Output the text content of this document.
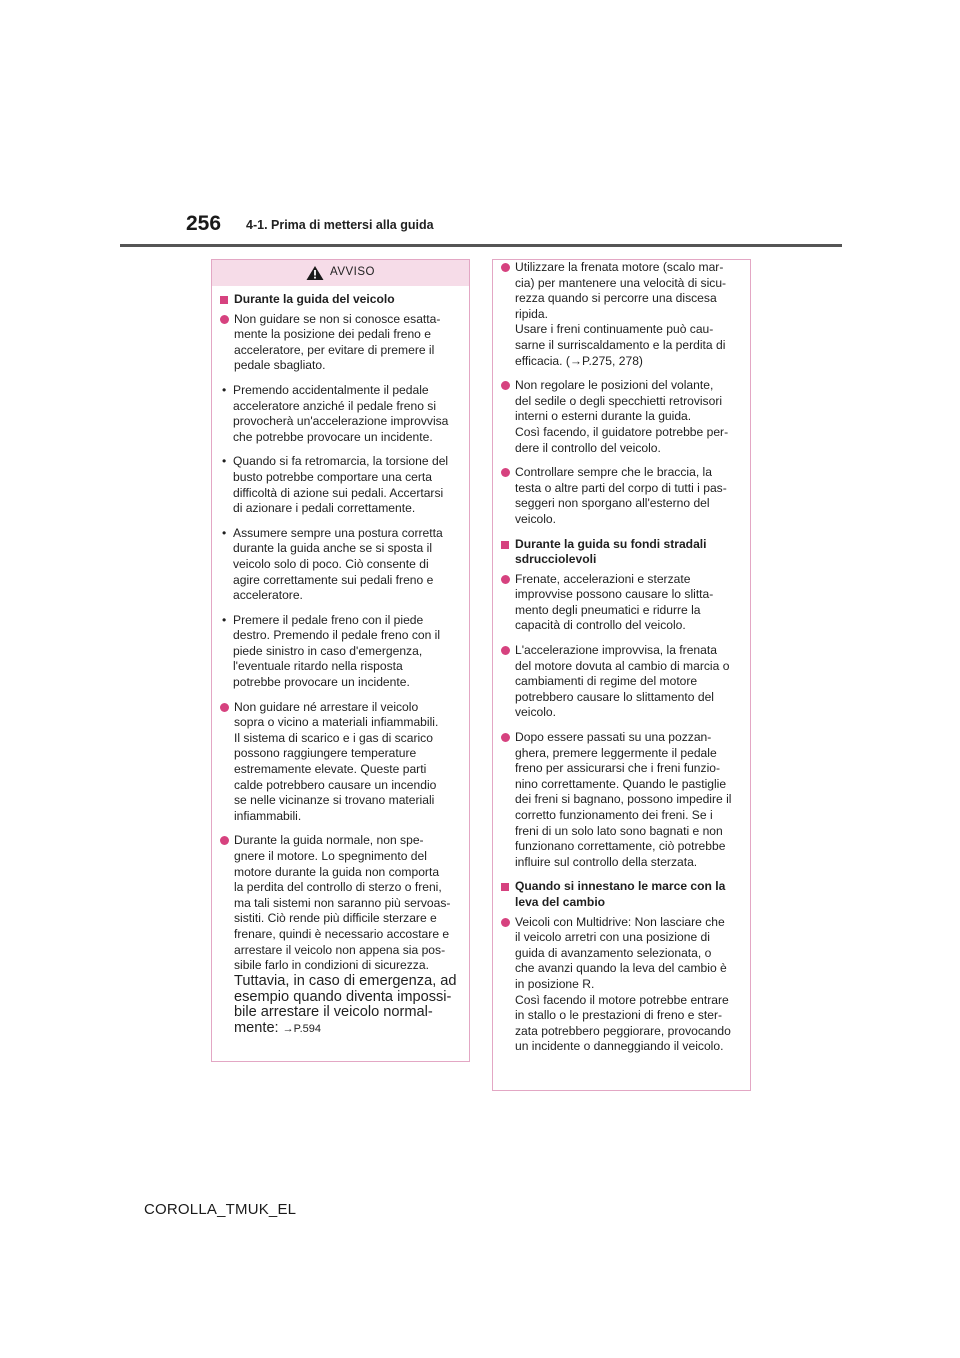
256 4-1. Prima di mettersi alla guida
AVVISO
Durante la guida del veicolo
Non guidare se non si conosce esatta-
mente la posizione dei pedali freno e
acceleratore, per evitare di premere il
pedale sbagliato.
• Premendo accidentalmente il pedale
acceleratore anziché il pedale freno si
provocherà un'accelerazione improvvisa
che potrebbe provocare un incidente.
• Quando si fa retromarcia, la torsione del
busto potrebbe comportare una certa
difficoltà di azione sui pedali. Accertarsi
di azionare i pedali correttamente.
• Assumere sempre una postura corretta
durante la guida anche se si sposta il
veicolo solo di poco. Ciò consente di
agire correttamente sui pedali freno e
acceleratore.
• Premere il pedale freno con il piede
destro. Premendo il pedale freno con il
piede sinistro in caso d'emergenza,
l'eventuale ritardo nella risposta
potrebbe provocare un incidente.
Non guidare né arrestare il veicolo
sopra o vicino a materiali infiammabili.
Il sistema di scarico e i gas di scarico
possono raggiungere temperature
estremamente elevate. Queste parti
calde potrebbero causare un incendio
se nelle vicinanze si trovano materiali
infiammabili.
Durante la guida normale, non spe-
gnere il motore. Lo spegnimento del
motore durante la guida non comporta
la perdita del controllo di sterzo o freni,
ma tali sistemi non saranno più servoas-
sistiti. Ciò rende più difficile sterzare e
frenare, quindi è necessario accostare e
arrestare il veicolo non appena sia pos-
sibile farlo in condizioni di sicurezza.
Tuttavia, in caso di emergenza, ad
esempio quando diventa impossi-
bile arrestare il veicolo normal-
mente: →P.594
Utilizzare la frenata motore (scalo mar-
cia) per mantenere una velocità di sicu-
rezza quando si percorre una discesa
ripida.
Usare i freni continuamente può cau-
sarne il surriscaldamento e la perdita di
efficacia. (→P.275, 278)
Non regolare le posizioni del volante,
del sedile o degli specchietti retrovisori
interni o esterni durante la guida.
Così facendo, il guidatore potrebbe per-
dere il controllo del veicolo.
Controllare sempre che le braccia, la
testa o altre parti del corpo di tutti i pas-
seggeri non sporgano all'esterno del
veicolo.
Durante la guida su fondi stradali
sdrucciolevoli
Frenate, accelerazioni e sterzate
improvvise possono causare lo slitta-
mento degli pneumatici e ridurre la
capacità di controllo del veicolo.
L'accelerazione improvvisa, la frenata
del motore dovuta al cambio di marcia o
cambiamenti di regime del motore
potrebbero causare lo slittamento del
veicolo.
Dopo essere passati su una pozzan-
ghera, premere leggermente il pedale
freno per assicurarsi che i freni funzio-
nino correttamente. Quando le pastiglie
dei freni si bagnano, possono impedire il
corretto funzionamento dei freni. Se i
freni di un solo lato sono bagnati e non
funzionano correttamente, ciò potrebbe
influire sul controllo della sterzata.
Quando si innestano le marce con la
leva del cambio
Veicoli con Multidrive: Non lasciare che
il veicolo arretri con una posizione di
guida di avanzamento selezionata, o
che avanzi quando la leva del cambio è
in posizione R.
Così facendo il motore potrebbe entrare
in stallo o le prestazioni di freno e ster-
zata potrebbero peggiorare, provocando
un incidente o danneggiando il veicolo.
COROLLA_TMUK_EL
